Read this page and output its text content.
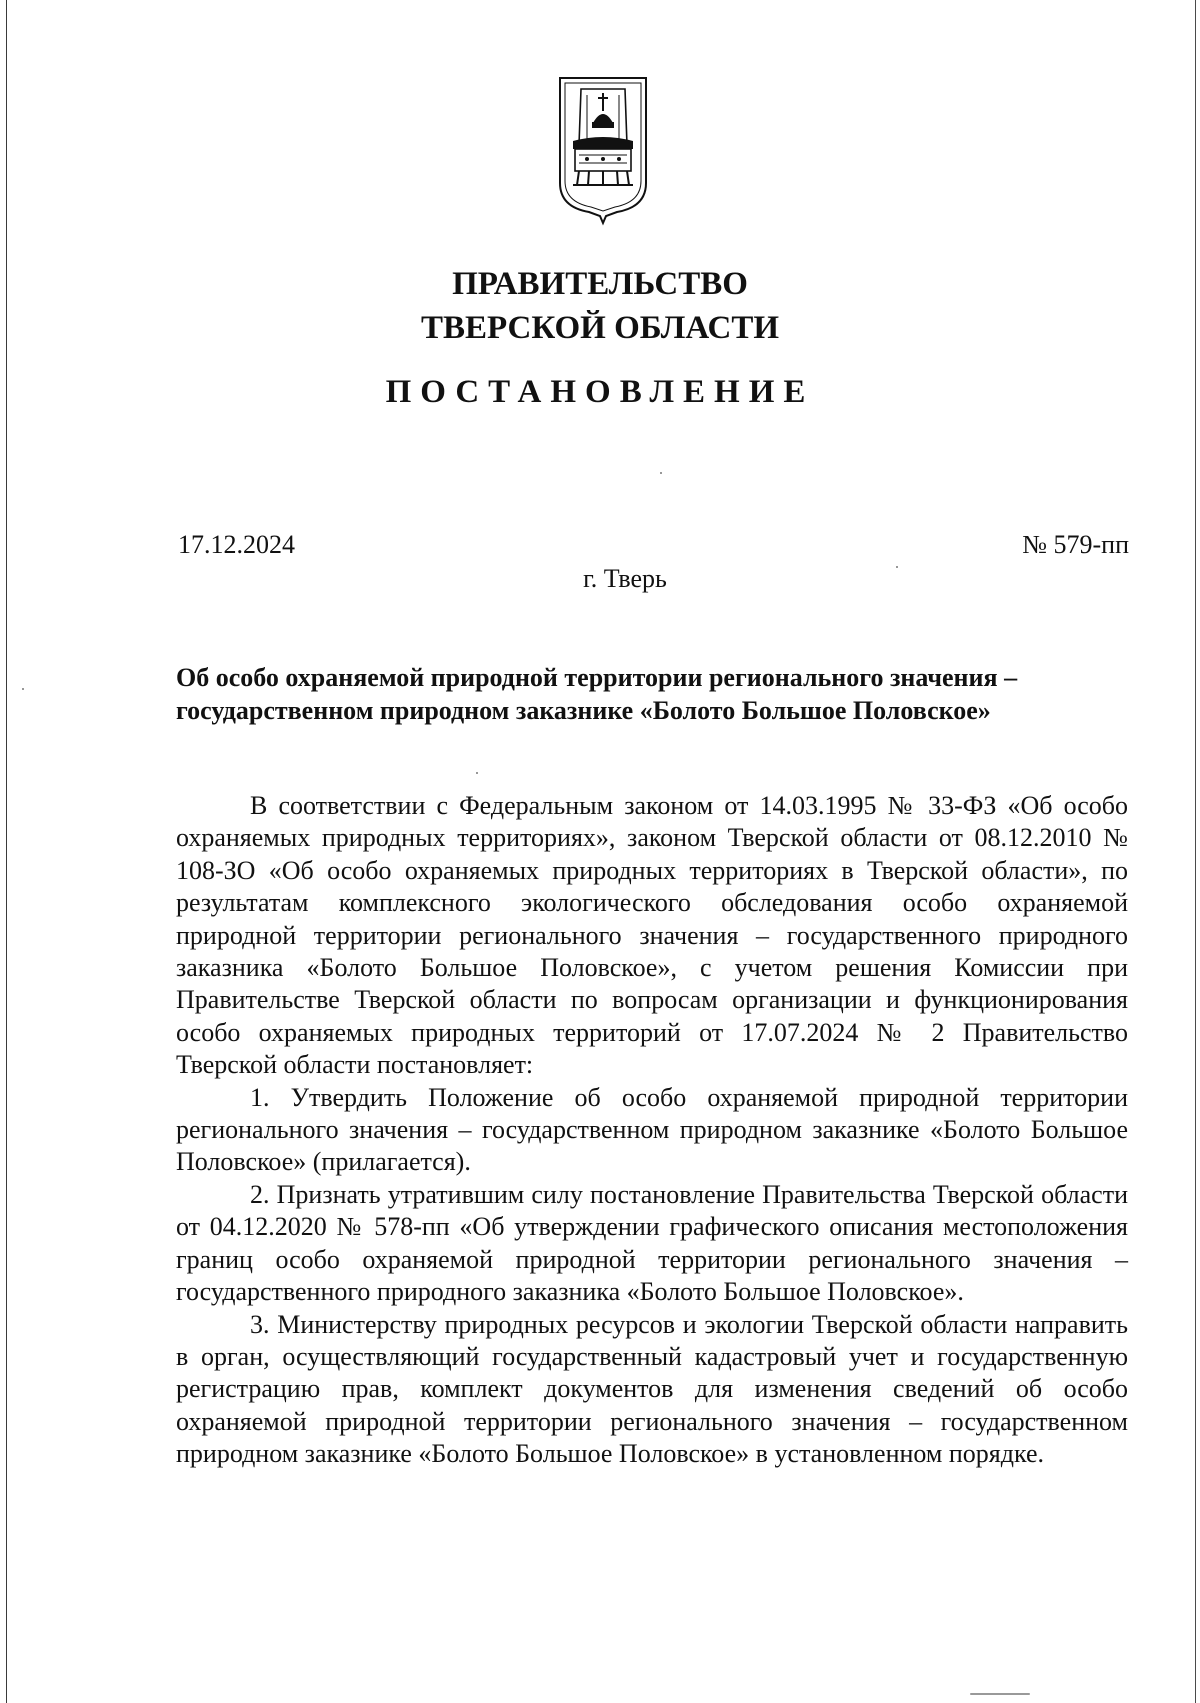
ПРАВИТЕЛЬСТВО
ТВЕРСКОЙ ОБЛАСТИ
ПОСТАНОВЛЕНИЕ
17.12.2024	№ 579-пп
г. Тверь
Об особо охраняемой природной территории регионального значения –
государственном природном заказнике «Болото Большое Половское»

В соответствии с Федеральным законом от 14.03.1995 № 33-ФЗ «Об особо охраняемых природных территориях», законом Тверской области от 08.12.2010 № 108-ЗО «Об особо охраняемых природных территориях в Тверской области», по результатам комплексного экологического обследования особо охраняемой природной территории регионального значения – государственного природного заказника «Болото Большое Половское», с учетом решения Комиссии при Правительстве Тверской области по вопросам организации и функционирования особо охраняемых природных территорий от 17.07.2024 № 2 Правительство Тверской области постановляет:

1. Утвердить Положение об особо охраняемой природной территории регионального значения – государственном природном заказнике «Болото Большое Половское» (прилагается).

2. Признать утратившим силу постановление Правительства Тверской области от 04.12.2020 № 578-пп «Об утверждении графического описания местоположения границ особо охраняемой природной территории регионального значения – государственного природного заказника «Болото Большое Половское».

3. Министерству природных ресурсов и экологии Тверской области направить в орган, осуществляющий государственный кадастровый учет и государственную регистрацию прав, комплект документов для изменения сведений об особо охраняемой природной территории регионального значения – государственном природном заказнике «Болото Большое Половское» в установленном порядке.
